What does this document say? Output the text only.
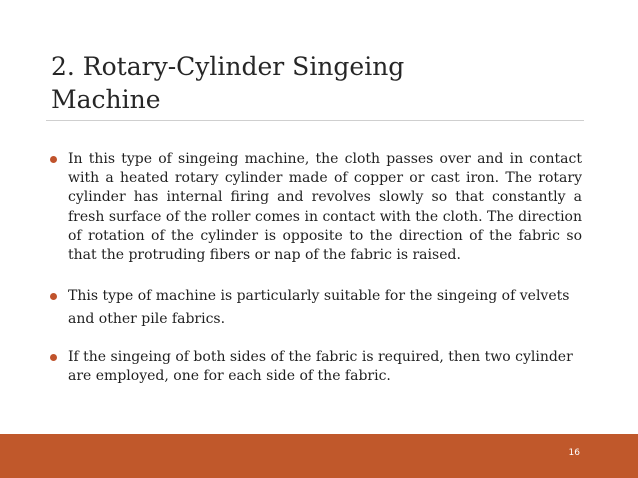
2. Rotary-Cylinder Singeing
Machine
In this type of singeing machine, the cloth passes over and in contact with a heated rotary cylinder made of copper or cast iron. The rotary cylinder has internal firing and revolves slowly so that constantly a fresh surface of the roller comes in contact with the cloth. The direction of rotation of the cylinder is opposite to the direction of the fabric so that the protruding fibers or nap of the fabric is raised.
This type of machine is particularly suitable for the singeing of velvets and other pile fabrics.
If the singeing of both sides of the fabric is required, then two cylinder are employed, one for each side of the fabric.
16
